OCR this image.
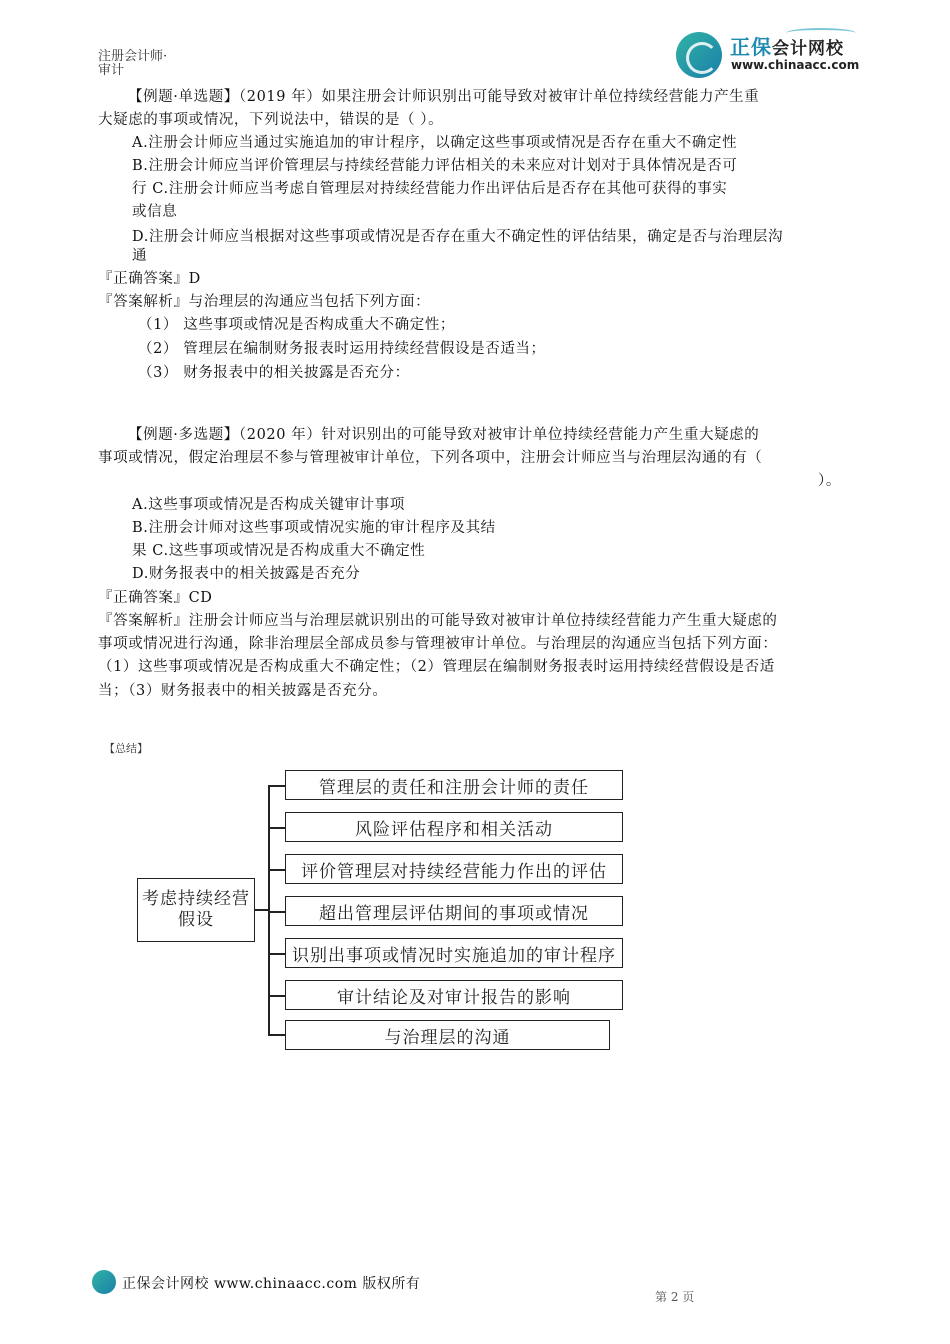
注册会计师·审计
正保会计网校
www.chinaacc.com
【例题·单选题】（2019 年）如果注册会计师识别出可能导致对被审计单位持续经营能力产生重
大疑虑的事项或情况，下列说法中，错误的是（ ）。
A.注册会计师应当通过实施追加的审计程序，以确定这些事项或情况是否存在重大不确定性
B.注册会计师应当评价管理层与持续经营能力评估相关的未来应对计划对于具体情况是否可
行 C.注册会计师应当考虑自管理层对持续经营能力作出评估后是否存在其他可获得的事实
或信息
D.注册会计师应当根据对这些事项或情况是否存在重大不确定性的评估结果，确定是否与治理层沟
通
『正确答案』D
『答案解析』与治理层的沟通应当包括下列方面：
（1） 这些事项或情况是否构成重大不确定性；
（2） 管理层在编制财务报表时运用持续经营假设是否适当；
（3） 财务报表中的相关披露是否充分：
【例题·多选题】（2020 年）针对识别出的可能导致对被审计单位持续经营能力产生重大疑虑的
事项或情况，假定治理层不参与管理被审计单位，下列各项中，注册会计师应当与治理层沟通的有（
）。
A.这些事项或情况是否构成关键审计事项
B.注册会计师对这些事项或情况实施的审计程序及其结
果 C.这些事项或情况是否构成重大不确定性
D.财务报表中的相关披露是否充分
『正确答案』CD
『答案解析』注册会计师应当与治理层就识别出的可能导致对被审计单位持续经营能力产生重大疑虑的
事项或情况进行沟通，除非治理层全部成员参与管理被审计单位。与治理层的沟通应当包括下列方面：
（1）这些事项或情况是否构成重大不确定性；（2）管理层在编制财务报表时运用持续经营假设是否适
当；（3）财务报表中的相关披露是否充分。
【总结】
考虑持续经营
假设
管理层的责任和注册会计师的责任
风险评估程序和相关活动
评价管理层对持续经营能力作出的评估
超出管理层评估期间的事项或情况
识别出事项或情况时实施追加的审计程序
审计结论及对审计报告的影响
与治理层的沟通
正保会计网校 www.chinaacc.com 版权所有
第 2 页
